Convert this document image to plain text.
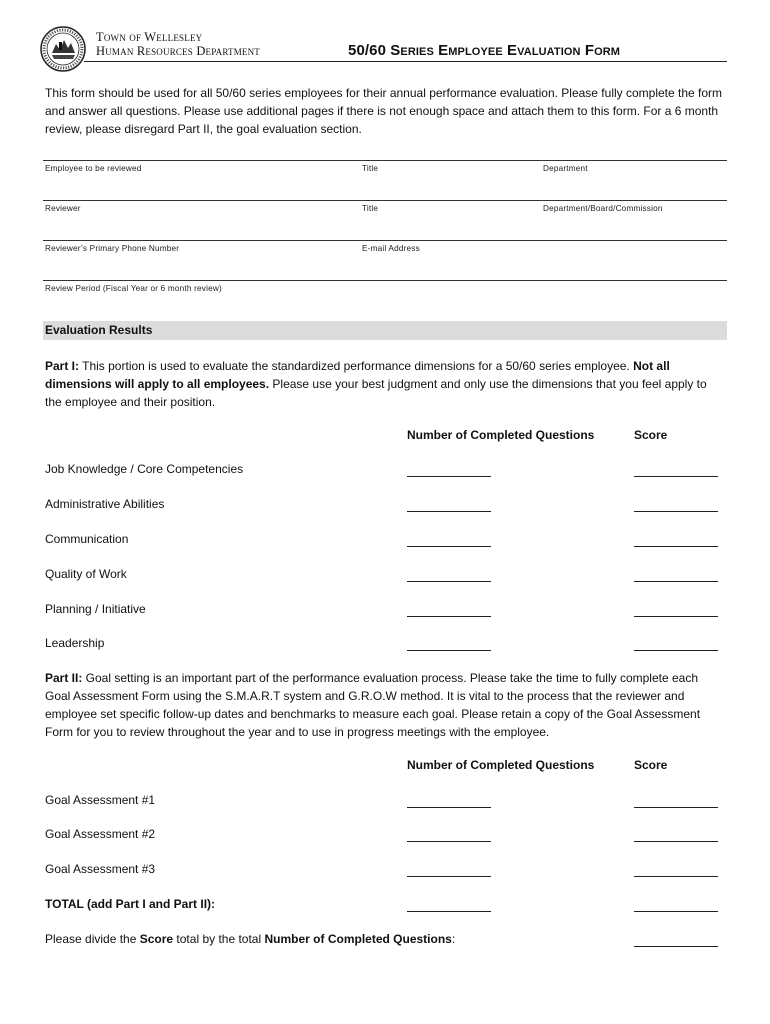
Town of Wellesley
Human Resources Department	50/60 Series Employee Evaluation Form
This form should be used for all 50/60 series employees for their annual performance evaluation. Please fully complete the form and answer all questions. Please use additional pages if there is not enough space and attach them to this form. For a 6 month review, please disregard Part II, the goal evaluation section.
Employee to be reviewed	Title	Department
Reviewer	Title	Department/Board/Commission
Reviewer’s Primary Phone Number	E-mail Address
Review Period (Fiscal Year or 6 month review)
Evaluation Results
Part I: This portion is used to evaluate the standardized performance dimensions for a 50/60 series employee. Not all dimensions will apply to all employees. Please use your best judgment and only use the dimensions that you feel apply to the employee and their position.
Number of Completed Questions	Score
Job Knowledge / Core Competencies
Administrative Abilities
Communication
Quality of Work
Planning / Initiative
Leadership
Part II: Goal setting is an important part of the performance evaluation process. Please take the time to fully complete each Goal Assessment Form using the S.M.A.R.T system and G.R.O.W method. It is vital to the process that the reviewer and employee set specific follow-up dates and benchmarks to measure each goal. Please retain a copy of the Goal Assessment Form for you to review throughout the year and to use in progress meetings with the employee.
Number of Completed Questions	Score
Goal Assessment #1
Goal Assessment #2
Goal Assessment #3
TOTAL (add Part I and Part II):
Please divide the Score total by the total Number of Completed Questions:
